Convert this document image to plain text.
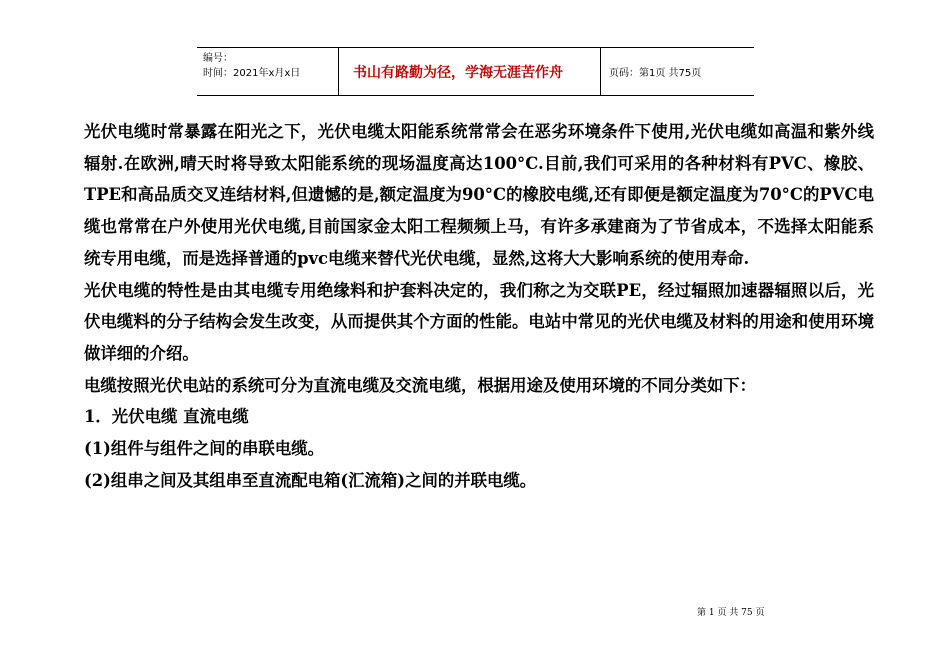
编号：
时间：2021年x月x日	书山有路勤为径，学海无涯苦作舟	页码：第1页 共75页

光伏电缆时常暴露在阳光之下，光伏电缆太阳能系统常常会在恶劣环境条件下使用,光伏电缆如高温和紫外线辐射.在欧洲,晴天时将导致太阳能系统的现场温度高达100°C.目前,我们可采用的各种材料有PVC、橡胶、TPE和高品质交叉连结材料,但遗憾的是,额定温度为90°C的橡胶电缆,还有即便是额定温度为70°C的PVC电缆也常常在户外使用光伏电缆,目前国家金太阳工程频频上马，有许多承建商为了节省成本，不选择太阳能系统专用电缆，而是选择普通的pvc电缆来替代光伏电缆，显然,这将大大影响系统的使用寿命.

光伏电缆的特性是由其电缆专用绝缘料和护套料决定的，我们称之为交联PE，经过辐照加速器辐照以后，光伏电缆料的分子结构会发生改变，从而提供其个方面的性能。电站中常见的光伏电缆及材料的用途和使用环境做详细的介绍。

电缆按照光伏电站的系统可分为直流电缆及交流电缆，根据用途及使用环境的不同分类如下：

1．光伏电缆 直流电缆

(1)组件与组件之间的串联电缆。

(2)组串之间及其组串至直流配电箱(汇流箱)之间的并联电缆。

第 1 页 共 75 页
